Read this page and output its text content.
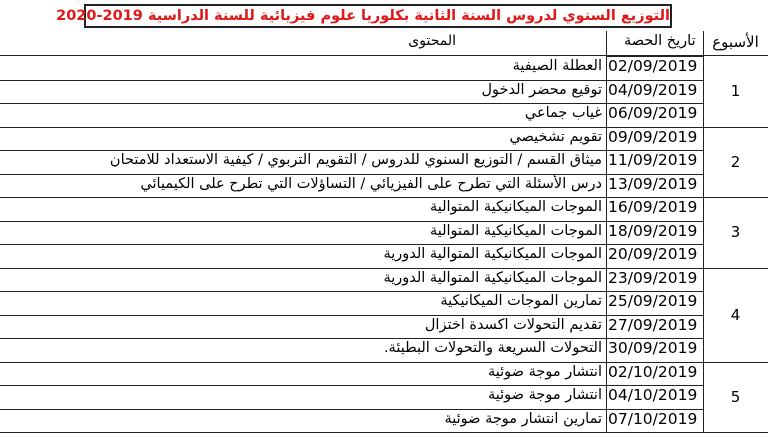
التوزيع السنوي لدروس السنة الثانية بكلوريا علوم فيزيائية للسنة الدراسية 2019-2020
الأسبوع
تاريخ الحصة
المحتوى
02/09/2019
العطلة الصيفية
04/09/2019
توقيع محضر الدخول
06/09/2019
غياب جماعي
09/09/2019
تقويم تشخيصي
11/09/2019
ميثاق القسم / التوزيع السنوي للدروس / التقويم التربوي / كيفية الاستعداد للامتحان
13/09/2019
درس الأسئلة التي تطرح على الفيزيائي / التساؤلات التي تطرح على الكيميائي
16/09/2019
الموجات الميكانيكية المتوالية
18/09/2019
الموجات الميكانيكية المتوالية
20/09/2019
الموجات الميكانيكية المتوالية الدورية
23/09/2019
الموجات الميكانيكية المتوالية الدورية
25/09/2019
تمارين الموجات الميكانيكية
27/09/2019
تقديم التحولات اكسدة اختزال
30/09/2019
التحولات السريعة والتحولات البطيئة.
02/10/2019
انتشار موجة ضوئية
04/10/2019
انتشار موجة ضوئية
07/10/2019
تمارين انتشار موجة ضوئية
1
2
3
4
5
